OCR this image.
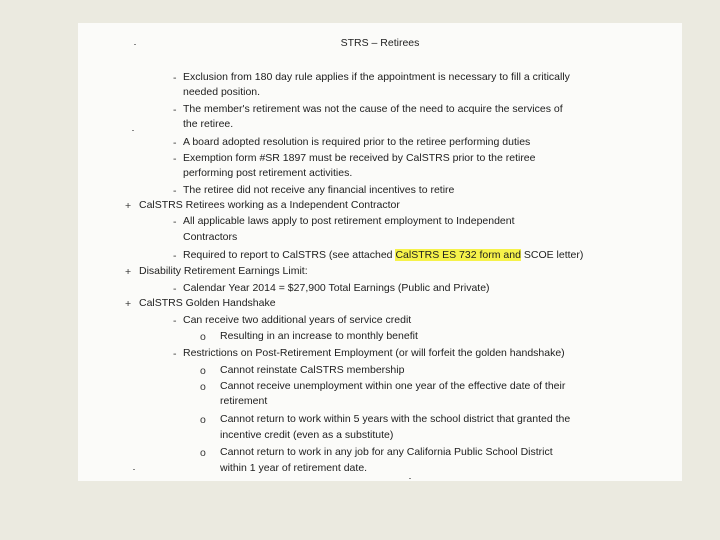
STRS – Retirees
- Exclusion from 180 day rule applies if the appointment is necessary to fill a critically
needed position.
- The member's retirement was not the cause of the need to acquire the services of
the retiree.
- A board adopted resolution is required prior to the retiree performing duties
- Exemption form #SR 1897 must be received by CalSTRS prior to the retiree
performing post retirement activities.
- The retiree did not receive any financial incentives to retire
+ CalSTRS Retirees working as a Independent Contractor
- All applicable laws apply to post retirement employment to Independent
Contractors
- Required to report to CalSTRS (see attached CalSTRS ES 732 form and SCOE letter)
+ Disability Retirement Earnings Limit:
- Calendar Year 2014 = $27,900 Total Earnings (Public and Private)
+ CalSTRS Golden Handshake
- Can receive two additional years of service credit
o Resulting in an increase to monthly benefit
- Restrictions on Post-Retirement Employment (or will forfeit the golden handshake)
o Cannot reinstate CalSTRS membership
o Cannot receive unemployment within one year of the effective date of their
retirement
o Cannot return to work within 5 years with the school district that granted the
incentive credit (even as a substitute)
o Cannot return to work in any job for any California Public School District
within 1 year of retirement date.
